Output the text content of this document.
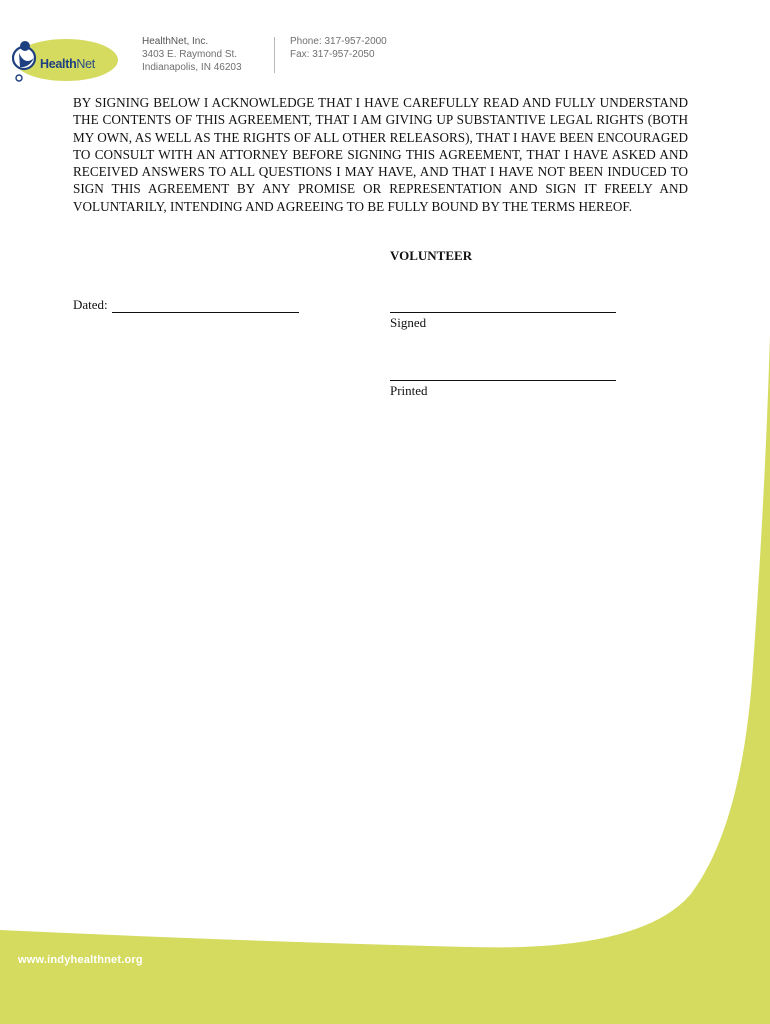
HealthNet
HealthNet, Inc.
3403 E. Raymond St.
Indianapolis, IN 46203
Phone: 317-957-2000
Fax: 317-957-2050

BY SIGNING BELOW I ACKNOWLEDGE THAT I HAVE CAREFULLY READ AND FULLY UNDERSTAND THE CONTENTS OF THIS AGREEMENT, THAT I AM GIVING UP SUBSTANTIVE LEGAL RIGHTS (BOTH MY OWN, AS WELL AS THE RIGHTS OF ALL OTHER RELEASORS), THAT I HAVE BEEN ENCOURAGED TO CONSULT WITH AN ATTORNEY BEFORE SIGNING THIS AGREEMENT, THAT I HAVE ASKED AND RECEIVED ANSWERS TO ALL QUESTIONS I MAY HAVE, AND THAT I HAVE NOT BEEN INDUCED TO SIGN THIS AGREEMENT BY ANY PROMISE OR REPRESENTATION AND SIGN IT FREELY AND VOLUNTARILY, INTENDING AND AGREEING TO BE FULLY BOUND BY THE TERMS HEREOF.

VOLUNTEER
Dated:
Signed
Printed
www.indyhealthnet.org
